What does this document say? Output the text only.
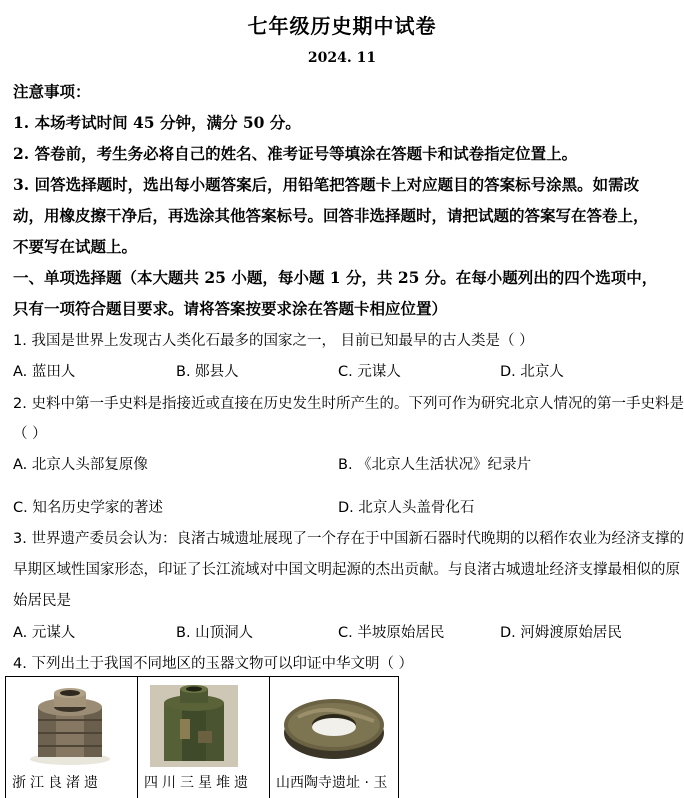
七年级历史期中试卷
2024. 11
注意事项：
1. 本场考试时间 45 分钟，满分 50 分。
2. 答卷前，考生务必将自己的姓名、准考证号等填涂在答题卡和试卷指定位置上。
3. 回答选择题时，选出每小题答案后，用铅笔把答题卡上对应题目的答案标号涂黑。如需改
动，用橡皮擦干净后，再选涂其他答案标号。回答非选择题时，请把试题的答案写在答卷上，
不要写在试题上。
一、单项选择题（本大题共 25 小题，每小题 1 分，共 25 分。在每小题列出的四个选项中，
只有一项符合题目要求。请将答案按要求涂在答题卡相应位置）
1. 我国是世界上发现古人类化石最多的国家之一， 目前已知最早的古人类是（ ）
A. 蓝田人	B. 郧县人	C. 元谋人	D. 北京人
2. 史料中第一手史料是指接近或直接在历史发生时所产生的。下列可作为研究北京人情况的第一手史料是
（ ）
A. 北京人头部复原像	B. 《北京人生活状况》纪录片
C. 知名历史学家的著述	D. 北京人头盖骨化石
3. 世界遗产委员会认为：良渚古城遗址展现了一个存在于中国新石器时代晚期的以稻作农业为经济支撑的
早期区域性国家形态，印证了长江流域对中国文明起源的杰出贡献。与良渚古城遗址经济支撑最相似的原
始居民是
A. 元谋人	B. 山顶洞人	C. 半坡原始居民	D. 河姆渡原始居民
4. 下列出土于我国不同地区的玉器文物可以印证中华文明（ ）
浙江良渚遗	四川三星堆遗 山西陶寺遗址 · 玉
